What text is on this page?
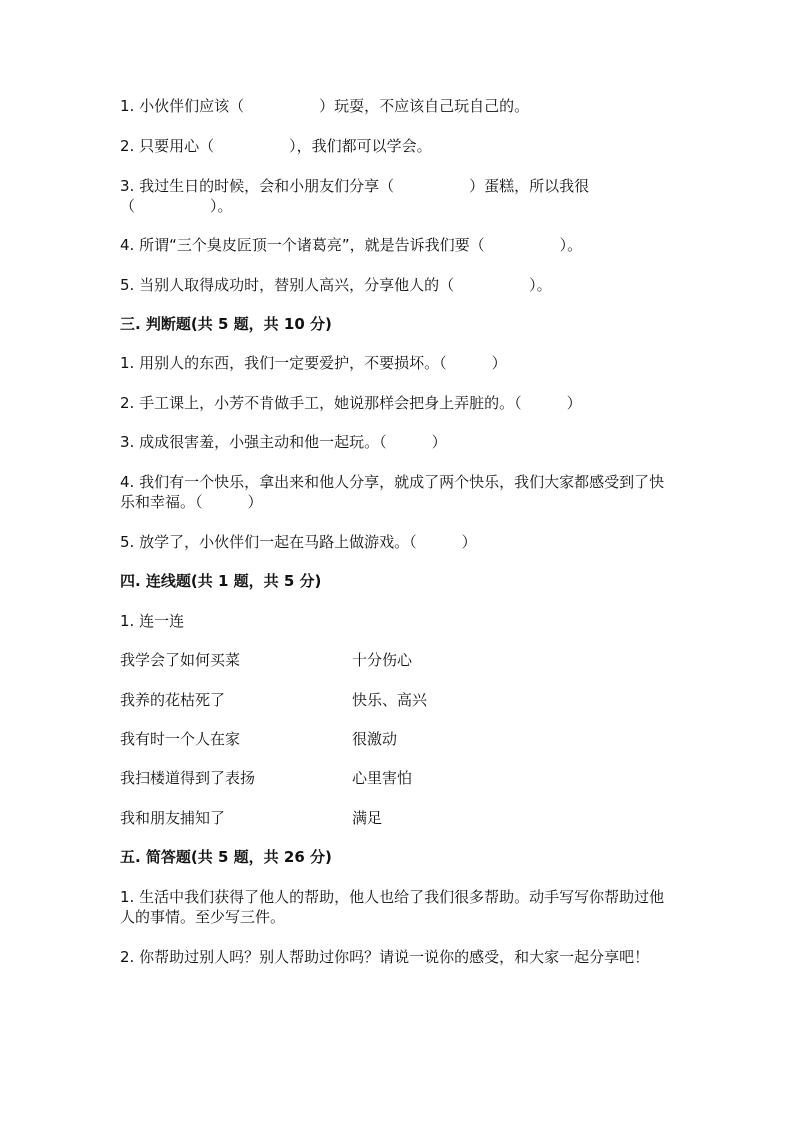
1. 小伙伴们应该（　　　　　）玩耍，不应该自己玩自己的。
2. 只要用心（　　　　　），我们都可以学会。
3. 我过生日的时候，会和小朋友们分享（　　　　　）蛋糕，所以我很（　　　　　）。
4. 所谓“三个臭皮匠顶一个诸葛亮”，就是告诉我们要（　　　　　）。
5. 当别人取得成功时，替别人高兴，分享他人的（　　　　　）。
三. 判断题(共 5 题，共 10 分)
1. 用别人的东西，我们一定要爱护，不要损坏。（　　　）
2. 手工课上，小芳不肯做手工，她说那样会把身上弄脏的。（　　　）
3. 成成很害羞，小强主动和他一起玩。（　　　）
4. 我们有一个快乐，拿出来和他人分享，就成了两个快乐，我们大家都感受到了快乐和幸福。（　　　）
5. 放学了，小伙伴们一起在马路上做游戏。（　　　）
四. 连线题(共 1 题，共 5 分)
1. 连一连
我学会了如何买菜	十分伤心
我养的花枯死了	快乐、高兴
我有时一个人在家	很激动
我扫楼道得到了表扬	心里害怕
我和朋友捕知了	满足
五. 简答题(共 5 题，共 26 分)
1. 生活中我们获得了他人的帮助，他人也给了我们很多帮助。动手写写你帮助过他人的事情。至少写三件。
2. 你帮助过别人吗？别人帮助过你吗？请说一说你的感受，和大家一起分享吧！
